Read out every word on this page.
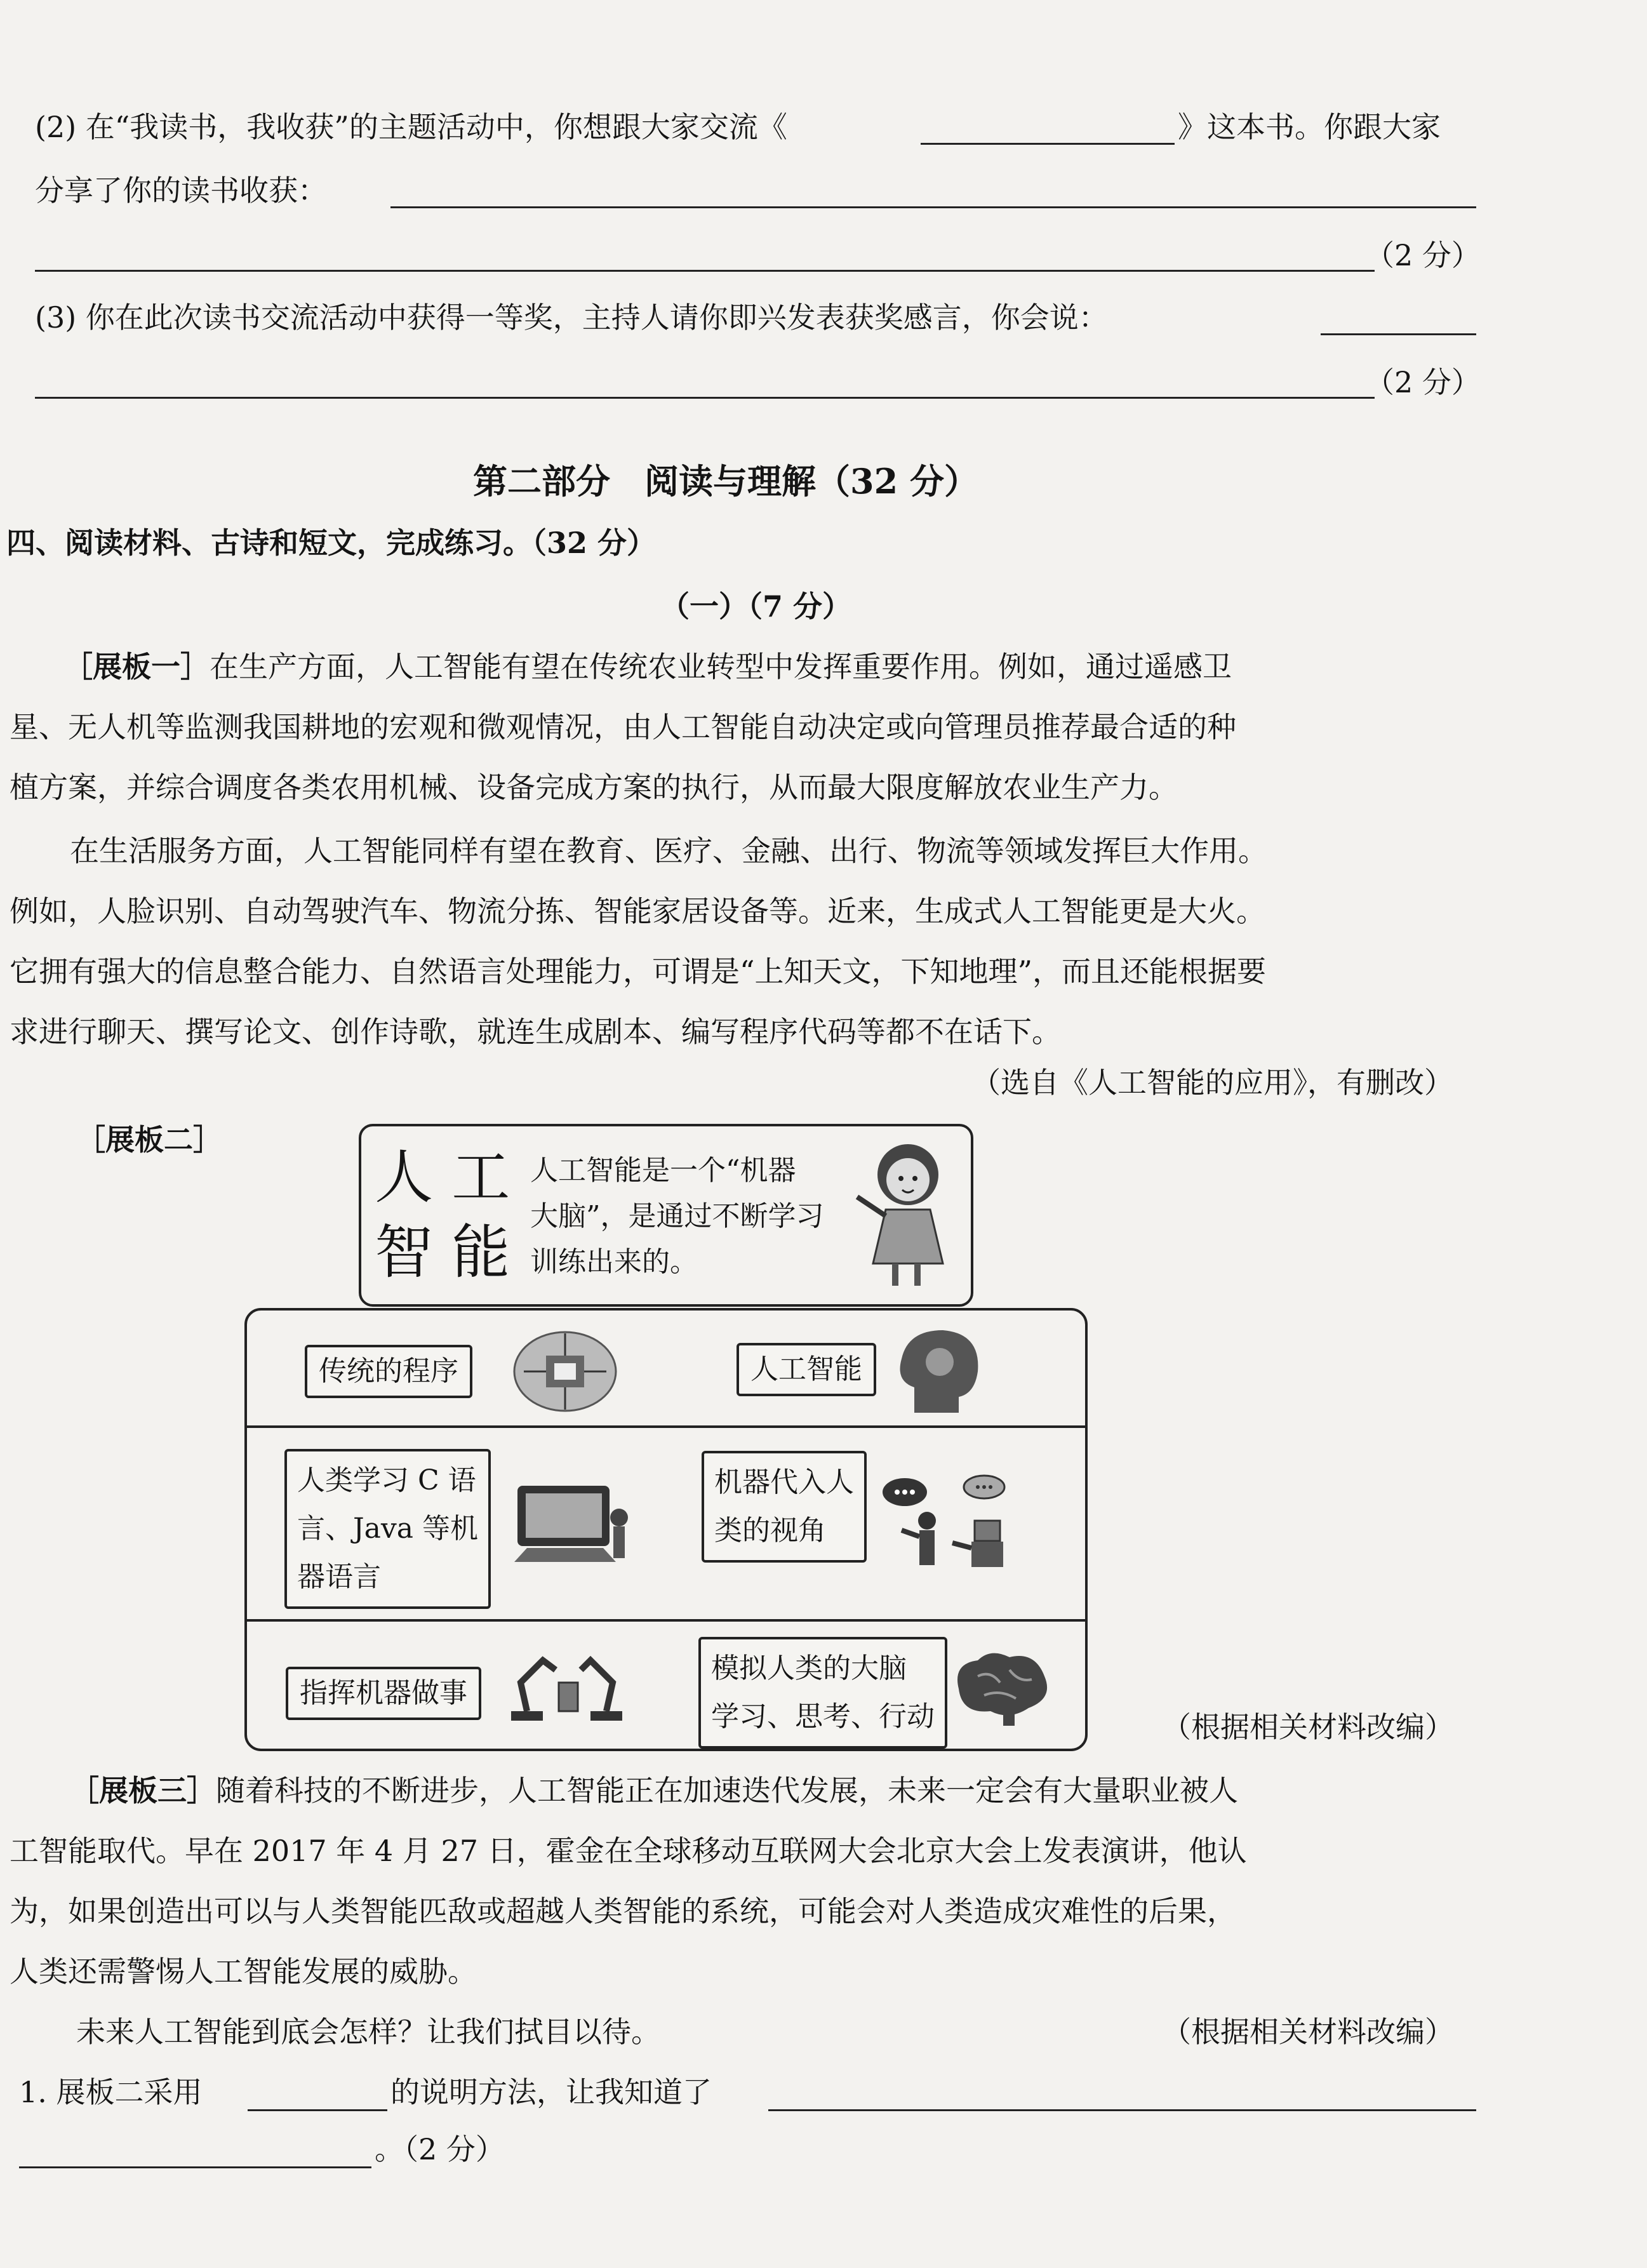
(2) 在“我读书，我收获”的主题活动中，你想跟大家交流《	》这本书。你跟大家
分享了你的读书收获：
（2 分）
(3) 你在此次读书交流活动中获得一等奖，主持人请你即兴发表获奖感言，你会说：
（2 分）
第二部分　阅读与理解（32 分）
四、阅读材料、古诗和短文，完成练习。（32 分）
（一）（7 分）
［展板一］在生产方面，人工智能有望在传统农业转型中发挥重要作用。例如，通过遥感卫
星、无人机等监测我国耕地的宏观和微观情况，由人工智能自动决定或向管理员推荐最合适的种
植方案，并综合调度各类农用机械、设备完成方案的执行，从而最大限度解放农业生产力。
在生活服务方面，人工智能同样有望在教育、医疗、金融、出行、物流等领域发挥巨大作用。
例如，人脸识别、自动驾驶汽车、物流分拣、智能家居设备等。近来，生成式人工智能更是大火。
它拥有强大的信息整合能力、自然语言处理能力，可谓是“上知天文，下知地理”，而且还能根据要
求进行聊天、撰写论文、创作诗歌，就连生成剧本、编写程序代码等都不在话下。
（选自《人工智能的应用》，有删改）
［展板二］
人 工
智 能
人工智能是一个“机器
大脑”，是通过不断学习
训练出来的。
传统的程序	人工智能
人类学习 C 语
言、Java 等机
器语言
机器代入人
类的视角
指挥机器做事
模拟人类的大脑
学习、思考、行动	（根据相关材料改编）
［展板三］随着科技的不断进步，人工智能正在加速迭代发展，未来一定会有大量职业被人
工智能取代。早在 2017 年 4 月 27 日，霍金在全球移动互联网大会北京大会上发表演讲，他认
为，如果创造出可以与人类智能匹敌或超越人类智能的系统，可能会对人类造成灾难性的后果，
人类还需警惕人工智能发展的威胁。
未来人工智能到底会怎样？让我们拭目以待。	（根据相关材料改编）
1. 展板二采用	的说明方法，让我知道了
。（2 分）
